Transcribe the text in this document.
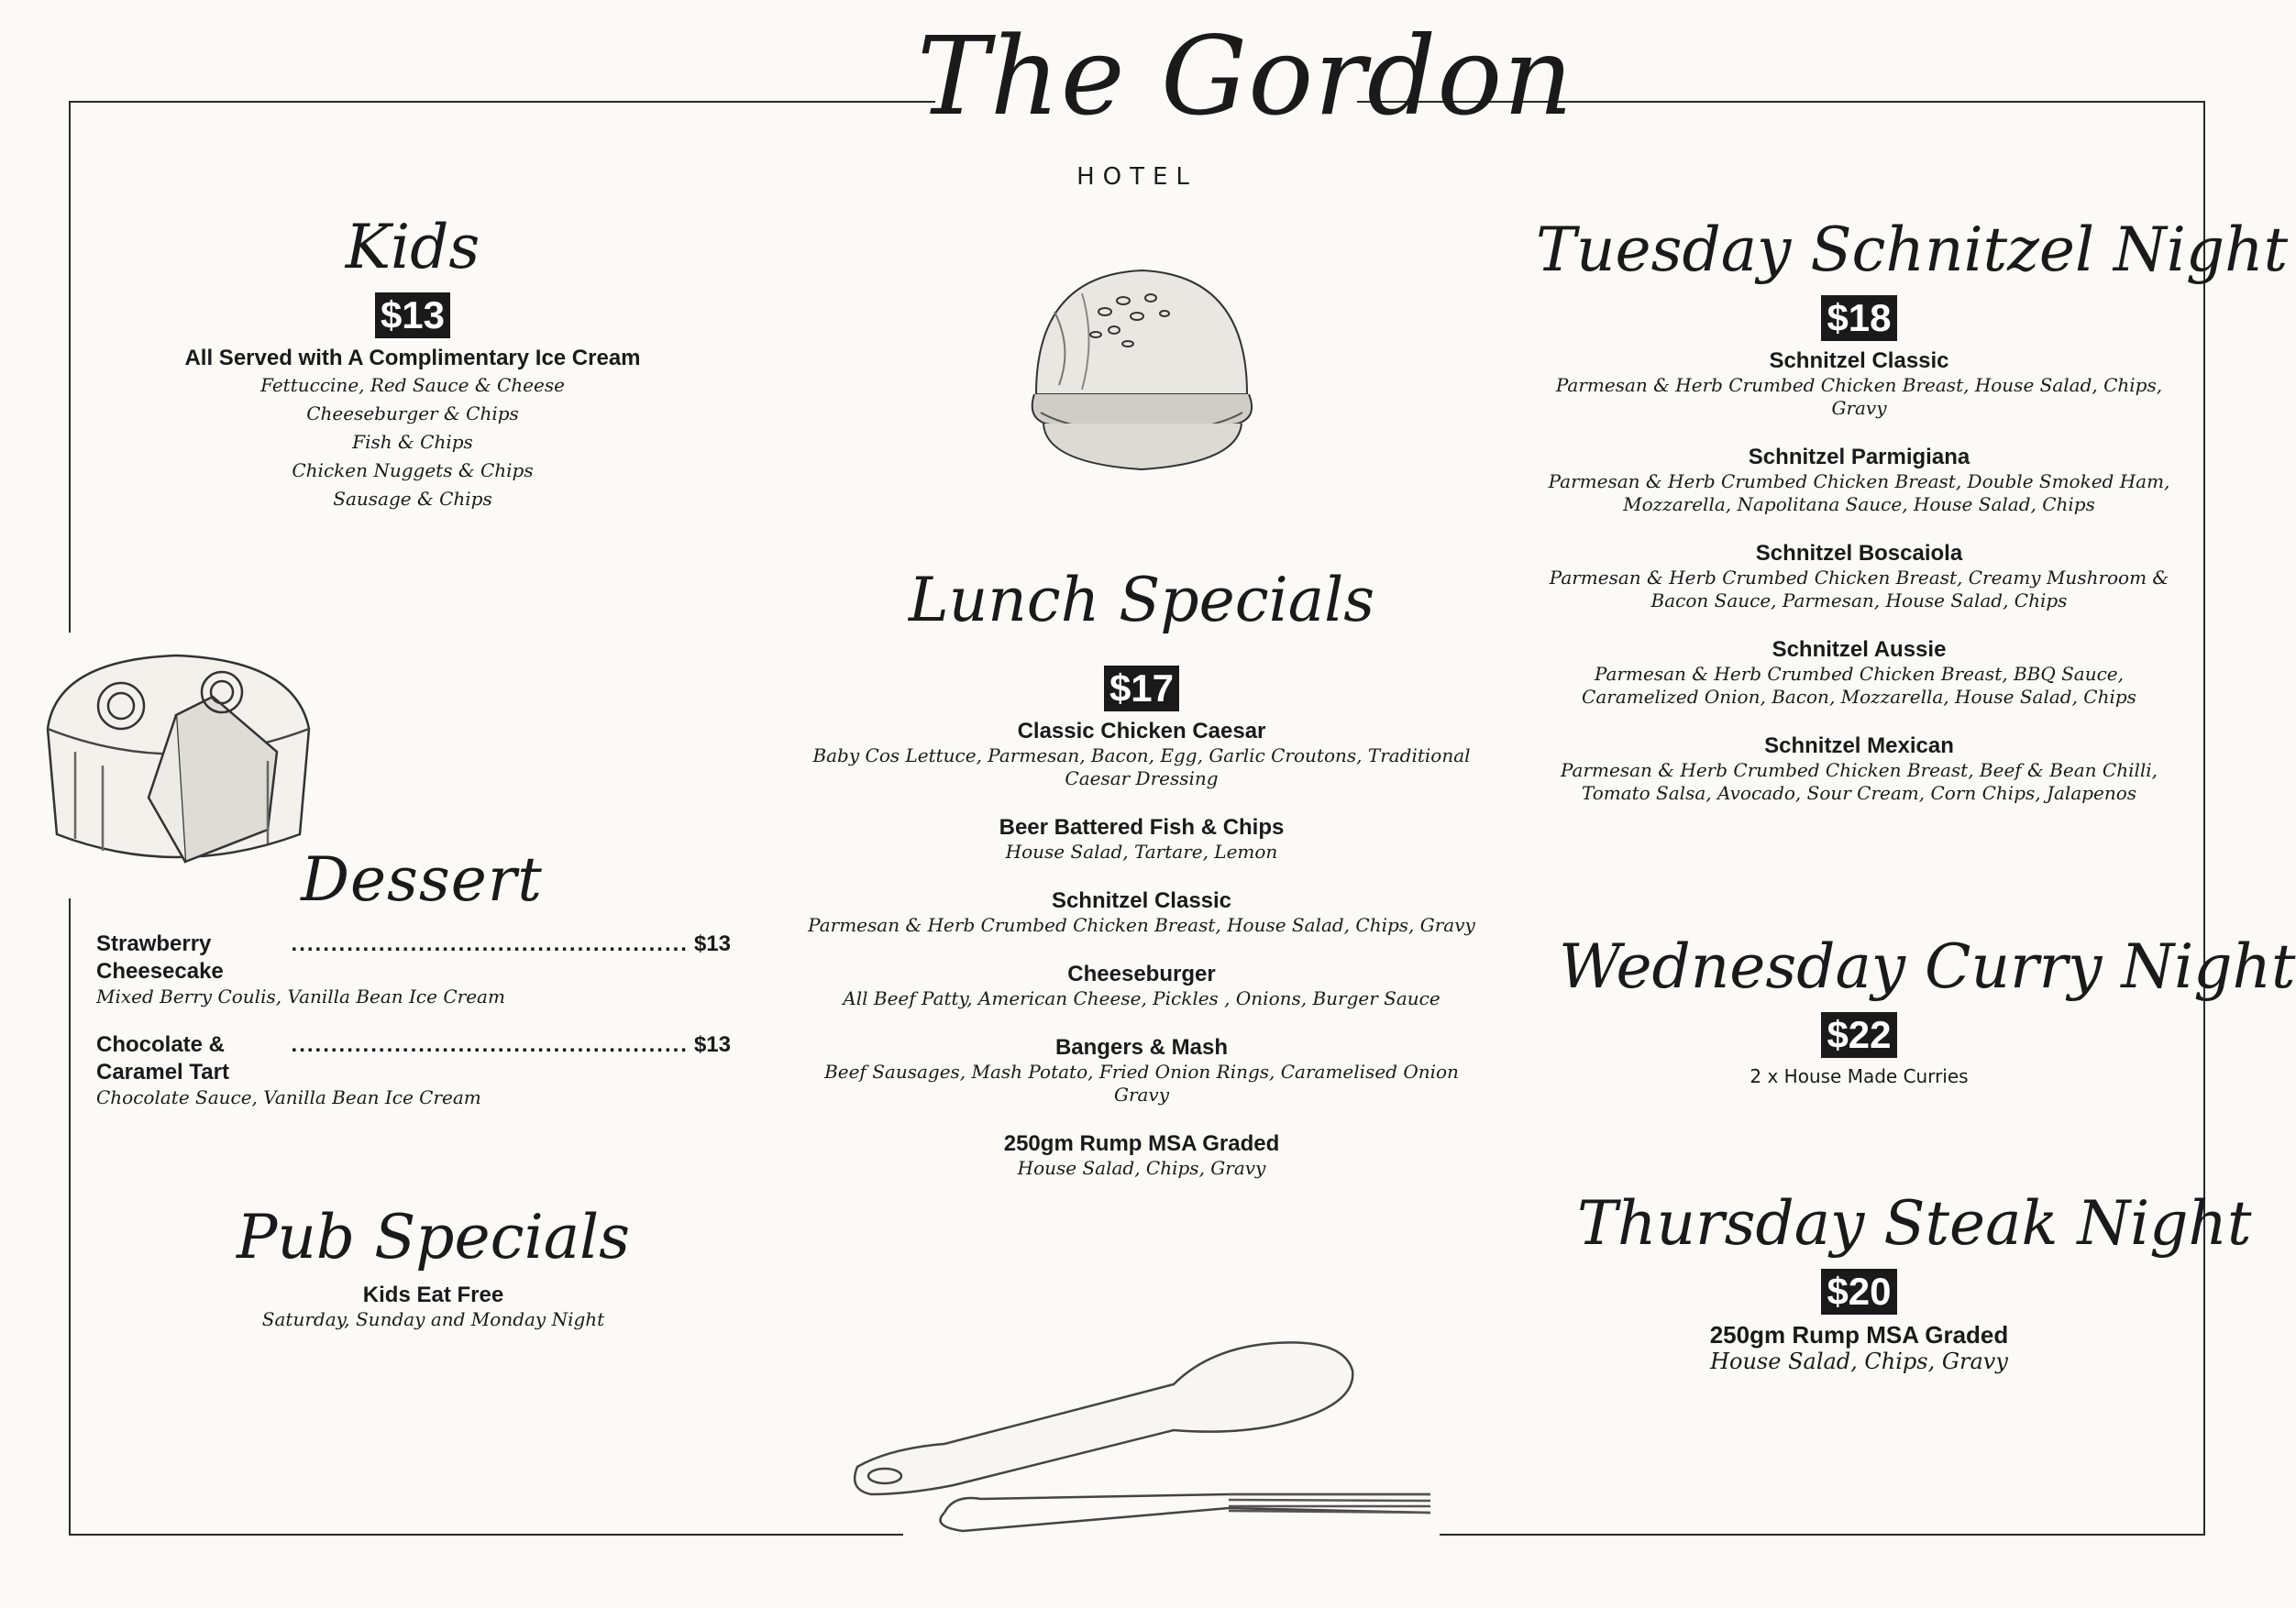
The Gordon
HOTEL
Kids
$13
All Served with A Complimentary Ice Cream
Fettuccine, Red Sauce & Cheese
Cheeseburger & Chips
Fish & Chips
Chicken Nuggets & Chips
Sausage & Chips
Dessert
Strawberry Cheesecake
.................................................. $13
Mixed Berry Coulis, Vanilla Bean Ice Cream
Chocolate & Caramel Tart
.................................................. $13
Chocolate Sauce, Vanilla Bean Ice Cream
Pub Specials
Kids Eat Free
Saturday, Sunday and Monday Night
Lunch Specials
$17
Classic Chicken Caesar
Baby Cos Lettuce, Parmesan, Bacon, Egg, Garlic Croutons, Traditional Caesar Dressing
Beer Battered Fish & Chips
House Salad, Tartare, Lemon
Schnitzel Classic
Parmesan & Herb Crumbed Chicken Breast, House Salad, Chips, Gravy
Cheeseburger
All Beef Patty, American Cheese, Pickles , Onions, Burger Sauce
Bangers & Mash
Beef Sausages, Mash Potato, Fried Onion Rings, Caramelised Onion Gravy
250gm Rump MSA Graded
House Salad, Chips, Gravy
Tuesday Schnitzel Night
$18
Schnitzel Classic
Parmesan & Herb Crumbed Chicken Breast, House Salad, Chips, Gravy
Schnitzel Parmigiana
Parmesan & Herb Crumbed Chicken Breast, Double Smoked Ham, Mozzarella, Napolitana Sauce, House Salad, Chips
Schnitzel Boscaiola
Parmesan & Herb Crumbed Chicken Breast, Creamy Mushroom & Bacon Sauce, Parmesan, House Salad, Chips
Schnitzel Aussie
Parmesan & Herb Crumbed Chicken Breast, BBQ Sauce, Caramelized Onion, Bacon, Mozzarella, House Salad, Chips
Schnitzel Mexican
Parmesan & Herb Crumbed Chicken Breast, Beef & Bean Chilli, Tomato Salsa, Avocado, Sour Cream, Corn Chips, Jalapenos
Wednesday Curry Night
$22
2 x House Made Curries
Thursday Steak Night
$20
250gm Rump MSA Graded
House Salad, Chips, Gravy
